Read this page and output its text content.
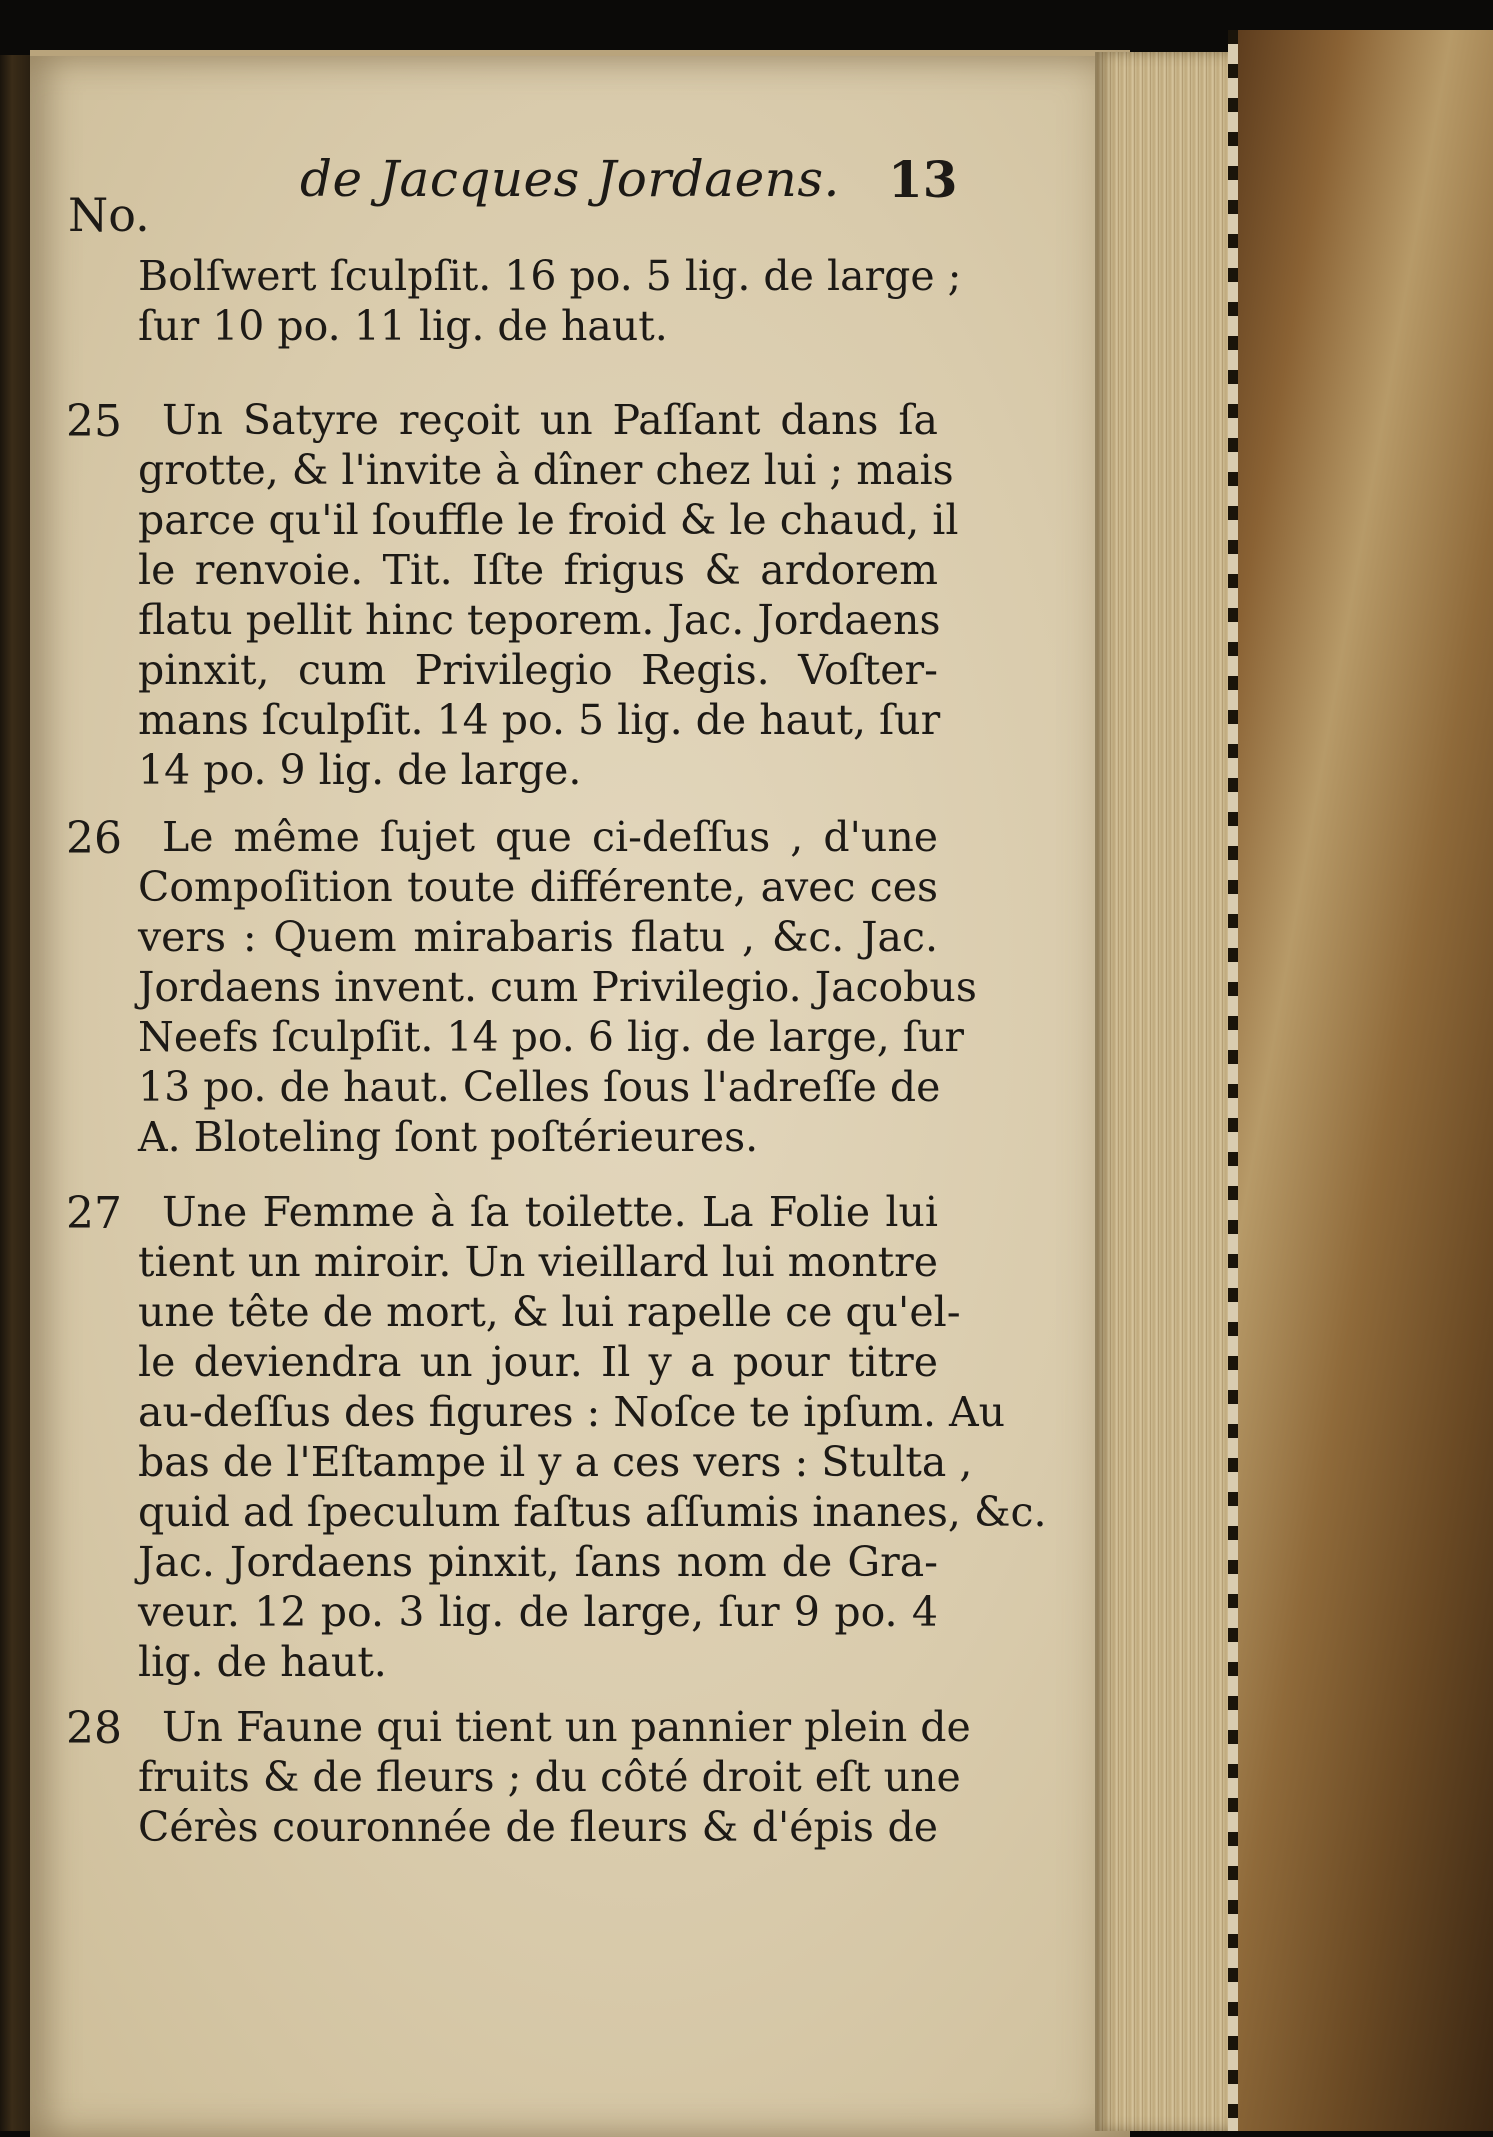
de Jacques Jordaens. 13
No.
Bolſwert ſculpſit. 16 po. 5 lig. de large ;
ſur 10 po. 11 lig. de haut.
25 Un Satyre reçoit un Paſſant dans ſa
grotte, & l'invite à dîner chez lui ; mais
parce qu'il ſouffle le froid & le chaud, il
le renvoie. Tit. Iſte frigus & ardorem
flatu pellit hinc teporem. Jac. Jordaens
pinxit, cum Privilegio Regis. Voſter-
mans ſculpſit. 14 po. 5 lig. de haut, ſur
14 po. 9 lig. de large.
26 Le même ſujet que ci-deſſus , d'une
Compoſition toute différente, avec ces
vers : Quem mirabaris flatu , &c. Jac.
Jordaens invent. cum Privilegio. Jacobus
Neefs ſculpſit. 14 po. 6 lig. de large, ſur
13 po. de haut. Celles ſous l'adreſſe de
A. Bloteling ſont poſtérieures.
27 Une Femme à ſa toilette. La Folie lui
tient un miroir. Un vieillard lui montre
une tête de mort, & lui rapelle ce qu'el-
le deviendra un jour. Il y a pour titre
au-deſſus des figures : Noſce te ipſum. Au
bas de l'Eſtampe il y a ces vers : Stulta ,
quid ad ſpeculum faſtus aſſumis inanes, &c.
Jac. Jordaens pinxit, ſans nom de Gra-
veur. 12 po. 3 lig. de large, ſur 9 po. 4
lig. de haut.
28 Un Faune qui tient un pannier plein de
fruits & de fleurs ; du côté droit eſt une
Cérès couronnée de fleurs & d'épis de
